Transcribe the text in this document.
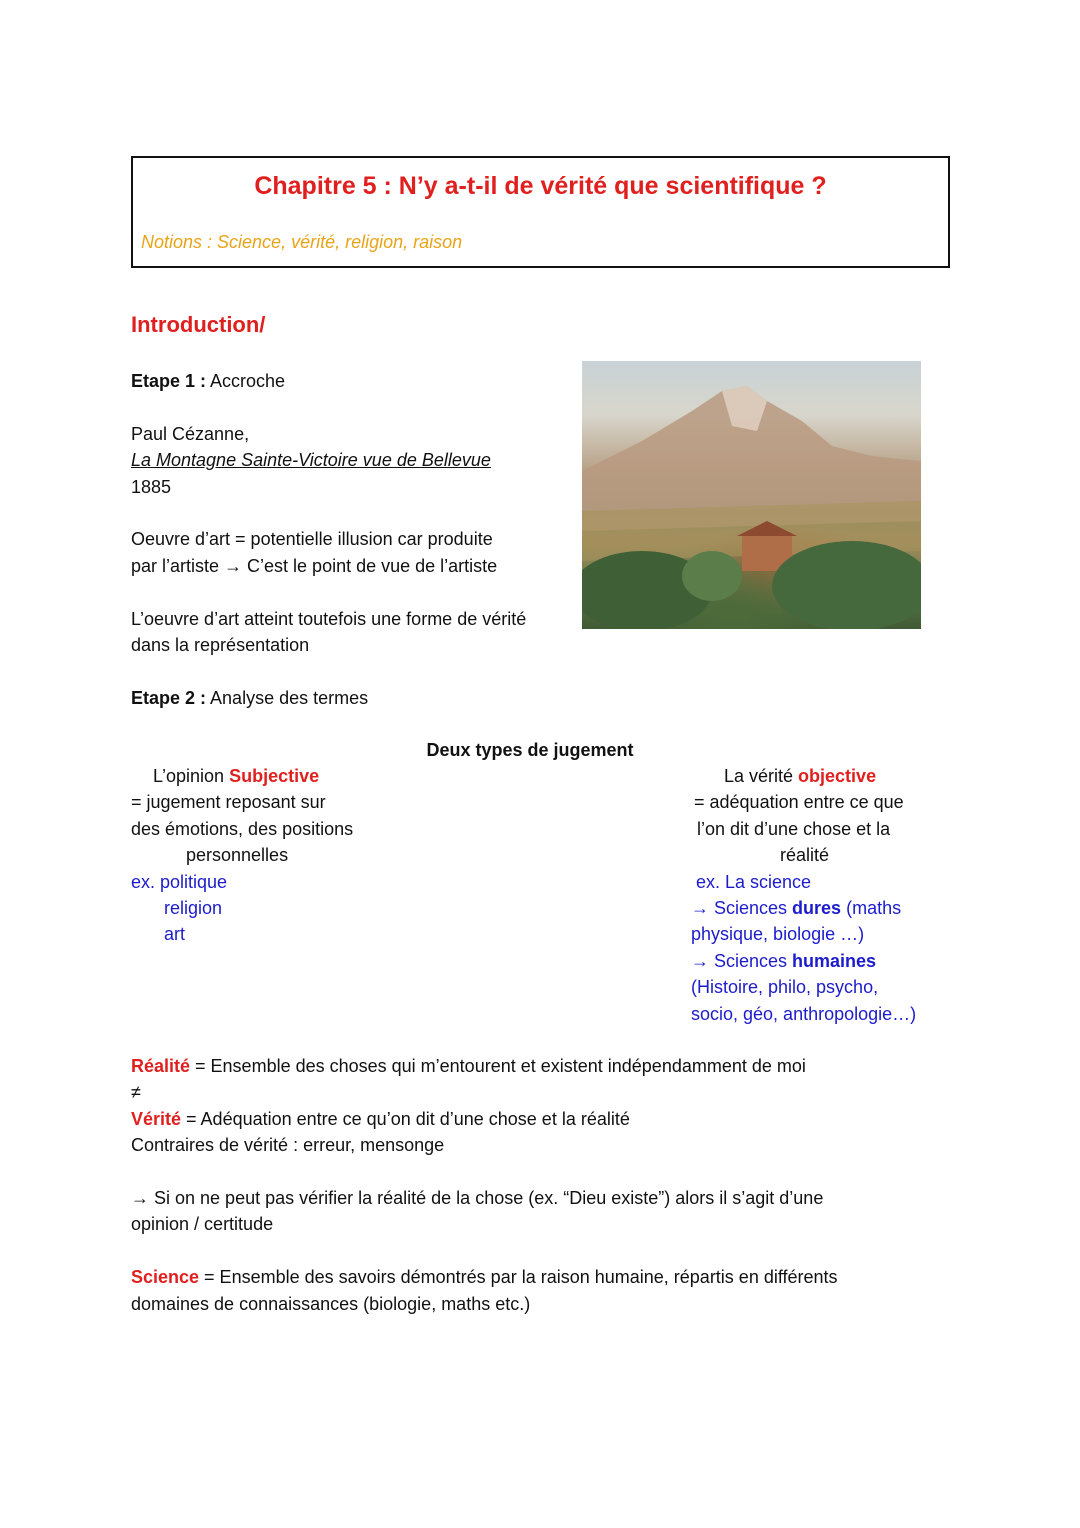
Chapitre 5 : N’y a-t-il de vérité que scientifique ?
Notions : Science, vérité, religion, raison
Introduction/
Etape 1 : Accroche
Paul Cézanne,
La Montagne Sainte-Victoire vue de Bellevue
1885
Oeuvre d’art = potentielle illusion car produite
par l’artiste → C’est le point de vue de l’artiste
L’oeuvre d’art atteint toutefois une forme de vérité
dans la représentation
Etape 2 : Analyse des termes
Deux types de jugement
L’opinion Subjective
= jugement reposant sur
des émotions, des positions
personnelles
ex. politique
religion
art
La vérité objective
= adéquation entre ce que
l’on dit d’une chose et la
réalité
ex. La science
→ Sciences dures (maths
physique, biologie …)
→ Sciences humaines
(Histoire, philo, psycho,
socio, géo, anthropologie…)
Réalité = Ensemble des choses qui m’entourent et existent indépendamment de moi
≠
Vérité = Adéquation entre ce qu’on dit d’une chose et la réalité
Contraires de vérité : erreur, mensonge
→ Si on ne peut pas vérifier la réalité de la chose (ex. “Dieu existe”) alors il s’agit d’une
opinion / certitude
Science = Ensemble des savoirs démontrés par la raison humaine, répartis en différents
domaines de connaissances (biologie, maths etc.)
